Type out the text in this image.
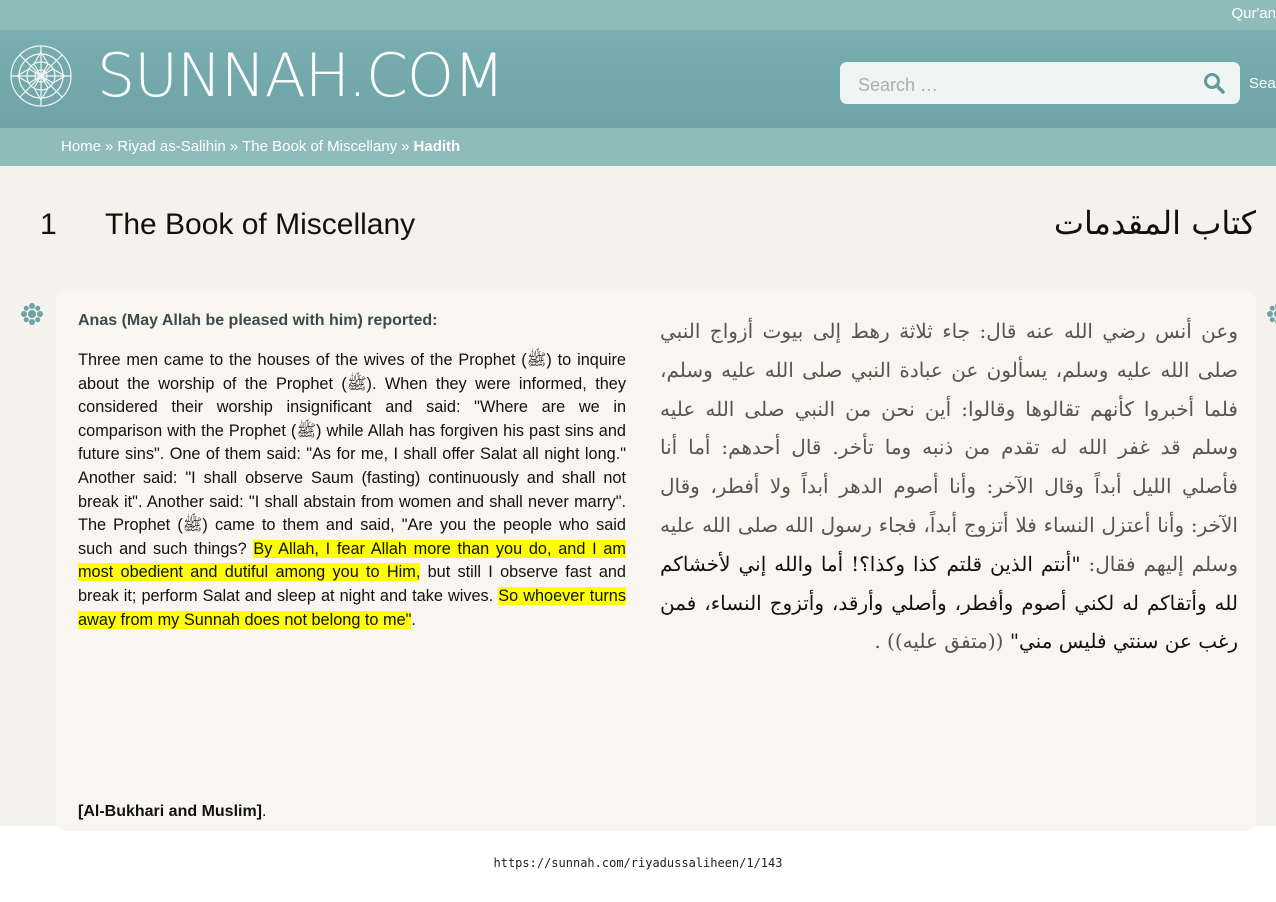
Qur'an
SUNNAH.COM
Search …	Sea
Home » Riyad as-Salihin » The Book of Miscellany » Hadith
1 The Book of Miscellany	كتاب المقدمات
Anas (May Allah be pleased with him) reported:
Three men came to the houses of the wives of the Prophet (ﷺ) to inquire about the worship of the Prophet (ﷺ). When they were informed, they considered their worship insignificant and said: "Where are we in comparison with the Prophet (ﷺ) while Allah has forgiven his past sins and future sins". One of them said: "As for me, I shall offer Salat all night long." Another said: "I shall observe Saum (fasting) continuously and shall not break it". Another said: "I shall abstain from women and shall never marry". The Prophet (ﷺ) came to them and said, "Are you the people who said such and such things? By Allah, I fear Allah more than you do, and I am most obedient and dutiful among you to Him, but still I observe fast and break it; perform Salat and sleep at night and take wives. So whoever turns away from my Sunnah does not belong to me".
[Al-Bukhari and Muslim].
وعن أنس رضي الله عنه قال: جاء ثلاثة رهط إلى بيوت أزواج النبي صلى الله عليه وسلم، يسألون عن عبادة النبي صلى الله عليه وسلم، فلما أخبروا كأنهم تقالوها وقالوا: أين نحن من النبي صلى الله عليه وسلم قد غفر الله له تقدم من ذنبه وما تأخر. قال أحدهم: أما أنا فأصلي الليل أبداً وقال الآخر: وأنا أصوم الدهر أبداً ولا أفطر، وقال الآخر: وأنا أعتزل النساء فلا أتزوج أبداً، فجاء رسول الله صلى الله عليه وسلم إليهم فقال: "أنتم الذين قلتم كذا وكذا؟! أما والله إني لأخشاكم لله وأتقاكم له لكني أصوم وأفطر، وأصلي وأرقد، وأتزوج النساء، فمن رغب عن سنتي فليس مني" ((متفق عليه)) .
https://sunnah.com/riyadussaliheen/1/143
